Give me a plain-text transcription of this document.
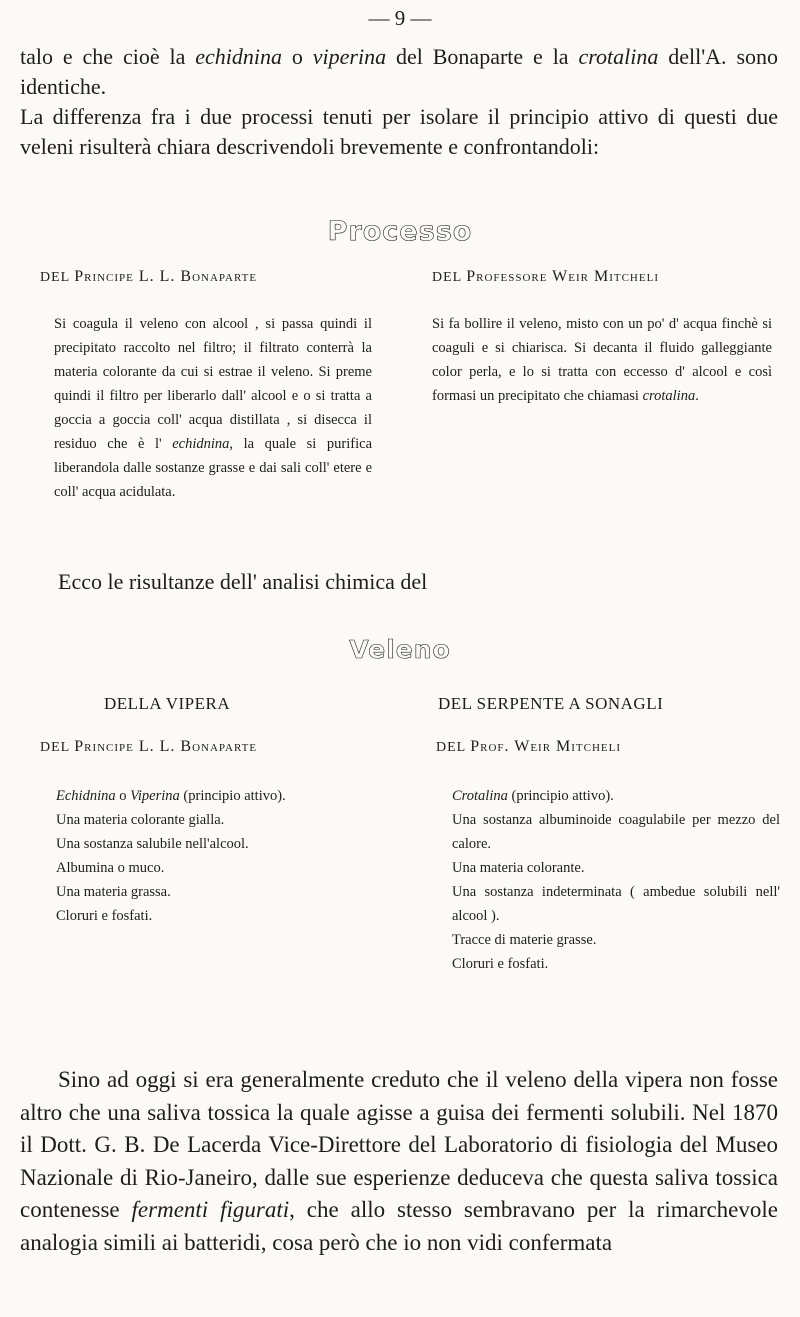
— 9 —

talo e che cioè la echidnina o viperina del Bonaparte e la crotalina dell'A. sono identiche.

La differenza fra i due processi tenuti per isolare il principio attivo di questi due veleni risulterà chiara descrivendoli brevemente e confrontandoli:

Processo
DEL Principe L. L. Bonaparte	DEL Professore Weir Mitcheli

Si coagula il veleno con alcool , si passa quindi il precipitato raccolto nel filtro; il filtrato conterrà la materia colorante da cui si estrae il veleno. Si preme quindi il filtro per liberarlo dall' alcool e o si tratta a goccia a goccia coll' acqua distillata , si disecca il residuo che è l' echidnina, la quale si purifica liberandola dalle sostanze grasse e dai sali coll' etere e coll' acqua acidulata.

Si fa bollire il veleno, misto con un po' d' acqua finchè si coaguli e si chiarisca. Si decanta il fluido galleggiante color perla, e lo si tratta con eccesso d' alcool e così formasi un precipitato che chiamasi crotalina.

Ecco le risultanze dell' analisi chimica del
Veleno
DELLA VIPERA	DEL SERPENTE A SONAGLI
DEL Principe L. L. Bonaparte	DEL Prof. Weir Mitcheli
Echidnina o Viperina (principio attivo).
Una materia colorante gialla.
Una sostanza salubile nell'alcool.
Albumina o muco.
Una materia grassa.
Cloruri e fosfati.
Crotalina (principio attivo).
Una sostanza albuminoide coagulabile per mezzo del calore.
Una materia colorante.
Una sostanza indeterminata ( ambedue solubili nell' alcool ).
Tracce di materie grasse.
Cloruri e fosfati.

Sino ad oggi si era generalmente creduto che il veleno della vipera non fosse altro che una saliva tossica la quale agisse a guisa dei fermenti solubili. Nel 1870 il Dott. G. B. De Lacerda Vice-Direttore del Laboratorio di fisiologia del Museo Nazionale di Rio-Janeiro, dalle sue esperienze deduceva che questa saliva tossica contenesse fermenti figurati, che allo stesso sembravano per la rimarchevole analogia simili ai batteridi, cosa però che io non vidi confermata
